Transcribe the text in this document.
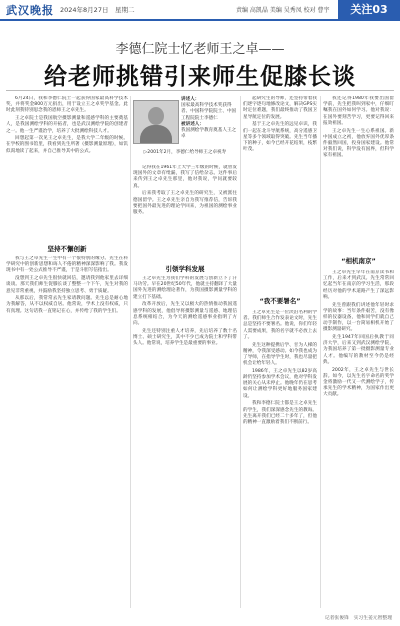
武汉晚报 2024年8月27日　星期二	责编 高凯晶 美编 吴秀凤 校对 曹宇	关注03
李德仁院士忆老师王之卓——
给老师挑错引来师生促膝长谈

6月24日，我和李德仁院士一起获得国家最高科学技术奖，并将奖金800万元捐出，用于设立王之卓奖学基金。此时此刻我特别思念我的恩师王之卓先生。

王之卓院士是我国航空摄影测量和遥感学科的主要奠基人，是我国测绘学科的开拓者，也是武汉测绘学院的创建者之一。他一生严谨治学，培养了大批测绘科技人才。

回想起第一次见王之卓先生，是我大学二年级的时候。在学校的图书馆里，我看到先生所著《摄影测量原理》，如饥似渴地读了起来，并自己推导其中的公式。

坚持不懈创新

我与王之卓先生一生中有一个很特别的缘分。先生在科学研究中的创新思想和诲人不倦的精神深深影响了我。我发现书中有一处公式推导不严谨，于是斗胆写信指出。

没想到王之卓先生很快就回信，邀请我到他家里去详细谈谈。那天我们师生促膝长谈了整整一个下午，先生对我的意见非常重视，并鼓励我坚持独立思考、勇于质疑。

从那以后，我常常去先生家请教问题。先生总是耐心地为我解答，从不以权威自居。他常说，学术上没有权威，只有真理。这句话我一直铭记在心，并传给了我的学生们。

讲述人：
国家最高科学技术奖获得者、中国科学院院士、中国工程院院士李德仁
被讲述人：
我国测绘学教育奠基人王之卓
▷2001年2月，李德仁给导师王之卓祝寿

记得我在1961年上大学三年级的时候，就曾发现国外的文章有纰漏，我写了信给杂志。这件事后来传到王之卓先生那里，他对我说，学问就要较真。

后来我考取了王之卓先生的研究生，又被派往德国留学。王之卓先生亲自为我写推荐信，告诉我要把国外最先进的理论学回来，为祖国的测绘事业服务。

引领学科发展

王之卓先生为我们学科的发展与创新立下了汗马功劳。早在20世纪50年代，他就主持翻译了大量国外先进的测绘理论著作，为我国摄影测量学科的建立打下基础。

改革开放后，先生又以极大的热情推动我国遥感学科的发展，他倡导将摄影测量与遥感、地理信息系统相结合，为今天的测绘遥感事业指明了方向。

先生还特别注重人才培养，先后培养了数十名博士、硕士研究生，其中不少已成为院士和学科带头人。他常说，培养学生是最重要的事业。

起研究生的导师，还坚持带着我们逐字逐句地修改论文，解决GPS实时定位难题，我们最终推动了我国卫星导航定位的发展。

基于王之卓先生的远见卓识，我们一起在北斗导航系统，高分遥感卫星等多个领域取得突破。先生当年播下的种子，如今已经开花结果，枝繁叶茂。

“我不要署名”

王之卓先生是一位淡泊名利的学者。我们师生合作发表论文时，先生总是坚持不要署名。他说，你们年轻人需要成果，我的名字就不必放上去了。

先生这种提携后学、甘为人梯的精神，令我深受感动。如今我也成为了导师，在指导学生时，我也尽量把机会让给年轻人。

1986年，王之卓先生以82岁高龄仍坚持参加学术会议，他对学科发展的关心从未停止。他晚年仍在思考如何让测绘学科更好地服务国家建设。

我和李德仁院士都是王之卓先生的学生，我们深深感念先生的教诲。先生离开我们已经二十多年了，但他的精神一直激励着我们不断前行。

我还记得1980年我要出国留学前，先生把我叫到家中，仔细叮嘱我在国外如何学习。他对我说：在国外要刻苦学习，更要记得回来报效祖国。

王之卓先生一生心系祖国。新中国成立之初，他放弃国外优厚条件毅然回国，投身国家建设。他常对我们说，科学没有国界，但科学家有祖国。

“相机南京”

王之卓先生早年在南京读书和工作，后来才到武汉。先生常常回忆起当年在南京的学习生活，那段经历对他的学术道路产生了深远影响。

先生曾跟我们讲述他年轻时求学的故事：当年条件艰苦，没有像样的仪器设备，他和同学们就自己动手制作，以一台简易相机开始了摄影测量研究。

先生1947年回国后执教于同济大学，后来又到武汉测绘学院，为我国培养了第一批摄影测量专业人才。他编写的教材至今仍是经典。

2002年，王之卓先生与世长辞。如今，以先生名字命名的奖学金将激励一代又一代测绘学子，传承先生的学术精神，为国家作出更大贡献。

记者张俊锋　实习生姜元智整理
